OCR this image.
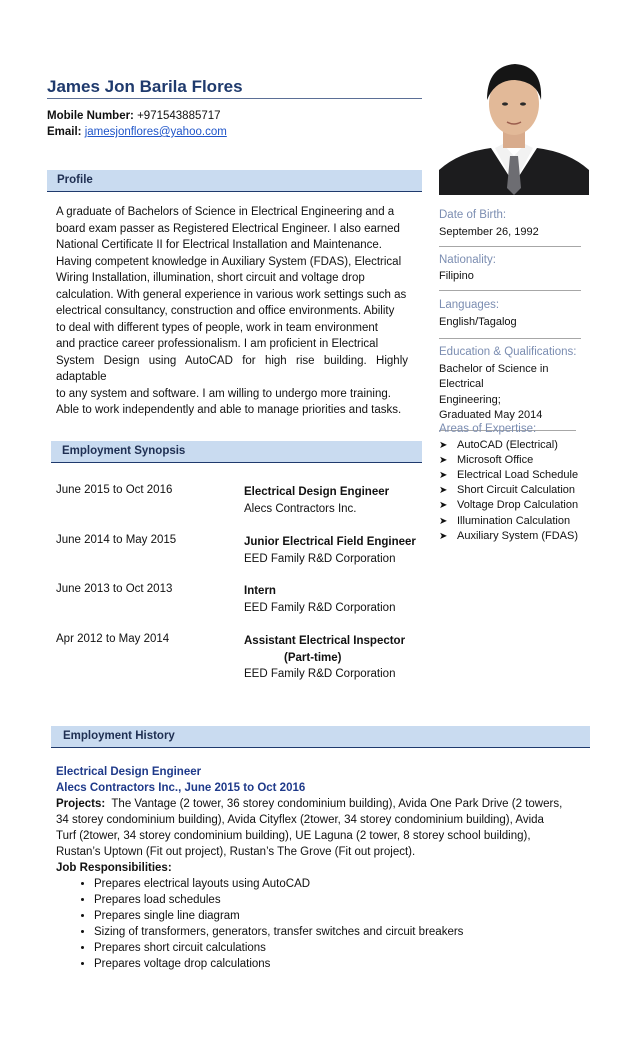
James Jon Barila Flores
Mobile Number: +971543885717
Email: jamesjonflores@yahoo.com
Profile
A graduate of Bachelors of Science in Electrical Engineering and a
board exam passer as Registered Electrical Engineer. I also earned
National Certificate II for Electrical Installation and Maintenance.
Having competent knowledge in Auxiliary System (FDAS), Electrical
Wiring Installation, illumination, short circuit and voltage drop
calculation. With general experience in various work settings such as
electrical consultancy, construction and office environments. Ability
to deal with different types of people, work in team environment
and practice career professionalism. I am proficient in Electrical
System Design using AutoCAD for high rise building. Highly adaptable
to any system and software. I am willing to undergo more training.
Able to work independently and able to manage priorities and tasks.
Date of Birth:
September 26, 1992
Nationality:
Filipino
Languages:
English/Tagalog
Education & Qualifications:
Bachelor of Science in Electrical
Engineering;
Graduated May 2014
Areas of Expertise:
➤ AutoCAD (Electrical)
➤ Microsoft Office
➤ Electrical Load Schedule
➤ Short Circuit Calculation
➤ Voltage Drop Calculation
➤ Illumination Calculation
➤ Auxiliary System (FDAS)
Employment Synopsis
June 2015 to Oct 2016	Electrical Design Engineer
Alecs Contractors Inc.
June 2014 to May 2015	Junior Electrical Field Engineer
EED Family R&D Corporation
June 2013 to Oct 2013	Intern
EED Family R&D Corporation
Apr 2012 to May 2014	Assistant Electrical Inspector
(Part-time)
EED Family R&D Corporation
Employment History
Electrical Design Engineer
Alecs Contractors Inc., June 2015 to Oct 2016
Projects: The Vantage (2 tower, 36 storey condominium building), Avida One Park Drive (2 towers,
34 storey condominium building), Avida Cityflex (2tower, 34 storey condominium building), Avida
Turf (2tower, 34 storey condominium building), UE Laguna (2 tower, 8 storey school building),
Rustan’s Uptown (Fit out project), Rustan’s The Grove (Fit out project).
Job Responsibilities:
• Prepares electrical layouts using AutoCAD
• Prepares load schedules
• Prepares single line diagram
• Sizing of transformers, generators, transfer switches and circuit breakers
• Prepares short circuit calculations
• Prepares voltage drop calculations
